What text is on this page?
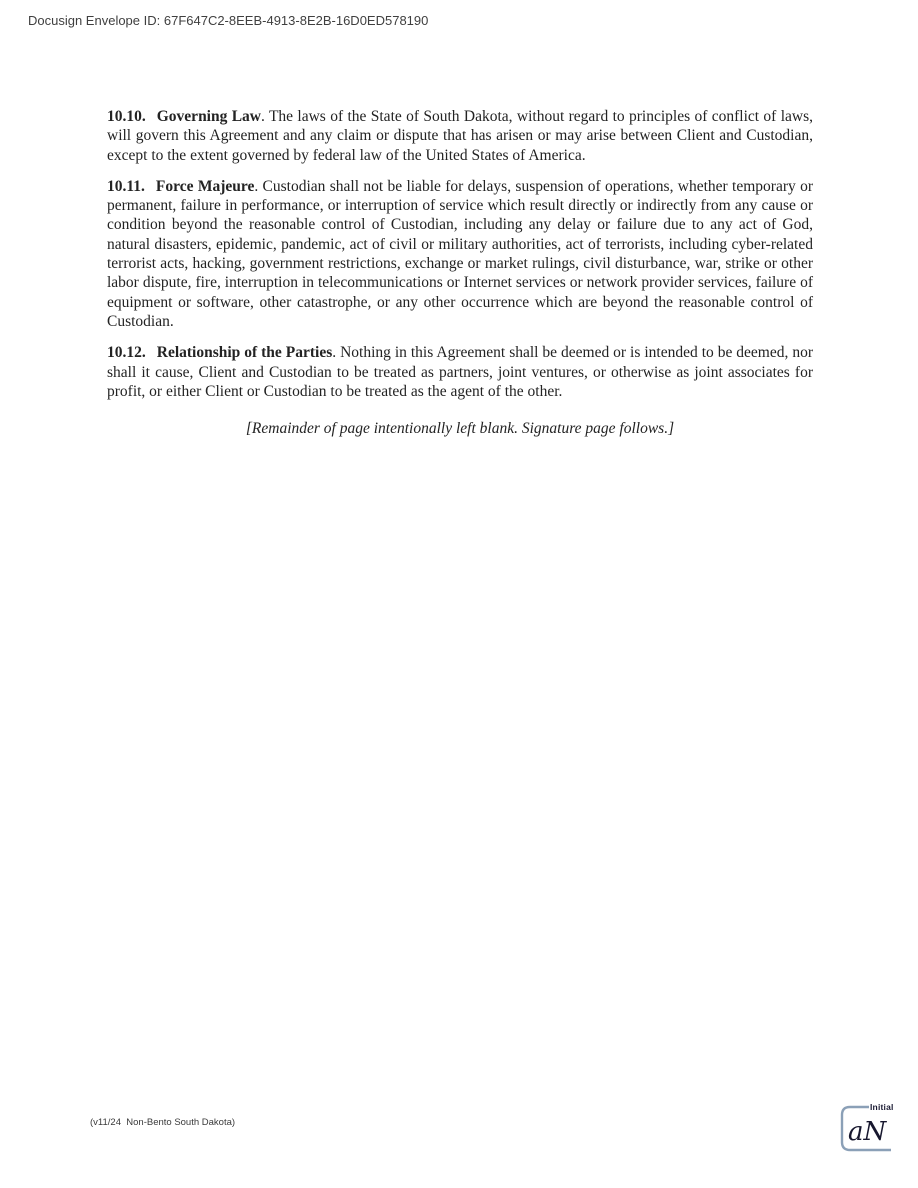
Docusign Envelope ID: 67F647C2-8EEB-4913-8E2B-16D0ED578190

10.10. Governing Law. The laws of the State of South Dakota, without regard to principles of conflict of laws, will govern this Agreement and any claim or dispute that has arisen or may arise between Client and Custodian, except to the extent governed by federal law of the United States of America.

10.11. Force Majeure. Custodian shall not be liable for delays, suspension of operations, whether temporary or permanent, failure in performance, or interruption of service which result directly or indirectly from any cause or condition beyond the reasonable control of Custodian, including any delay or failure due to any act of God, natural disasters, epidemic, pandemic, act of civil or military authorities, act of terrorists, including cyber-related terrorist acts, hacking, government restrictions, exchange or market rulings, civil disturbance, war, strike or other labor dispute, fire, interruption in telecommunications or Internet services or network provider services, failure of equipment or software, other catastrophe, or any other occurrence which are beyond the reasonable control of Custodian.

10.12. Relationship of the Parties. Nothing in this Agreement shall be deemed or is intended to be deemed, nor shall it cause, Client and Custodian to be treated as partners, joint ventures, or otherwise as joint associates for profit, or either Client or Custodian to be treated as the agent of the other.

[Remainder of page intentionally left blank. Signature page follows.]

(v11/24  Non-Bento South Dakota)
Initial
aN
